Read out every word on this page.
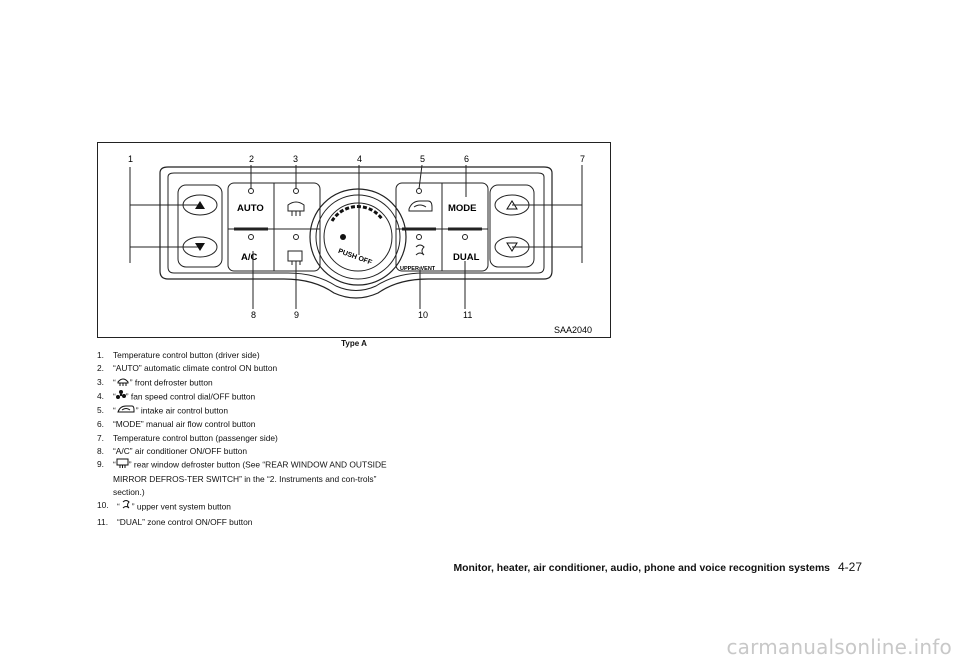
1	2	3	4	5	6	7
8	9	10	11
AUTO
A/C
MODE
DUAL
UPPER VENT
PUSH OFF
SAA2040
Type A
1. Temperature control button (driver side)
2. “AUTO” automatic climate control ON button
3. “ ” front defroster button
4. “ ” fan speed control dial/OFF button
5. “ ” intake air control button
6. “MODE” manual air flow control button
7. Temperature control button (passenger side)
8. “A/C” air conditioner ON/OFF button
9. “ ” rear window defroster button (See “REAR WINDOW AND OUTSIDE MIRROR DEFROS-TER SWITCH” in the “2. Instruments and con-trols” section.)
10. “ ” upper vent system button
11. “DUAL” zone control ON/OFF button
Monitor, heater, air conditioner, audio, phone and voice recognition systems 4-27
carmanualsonline.info
